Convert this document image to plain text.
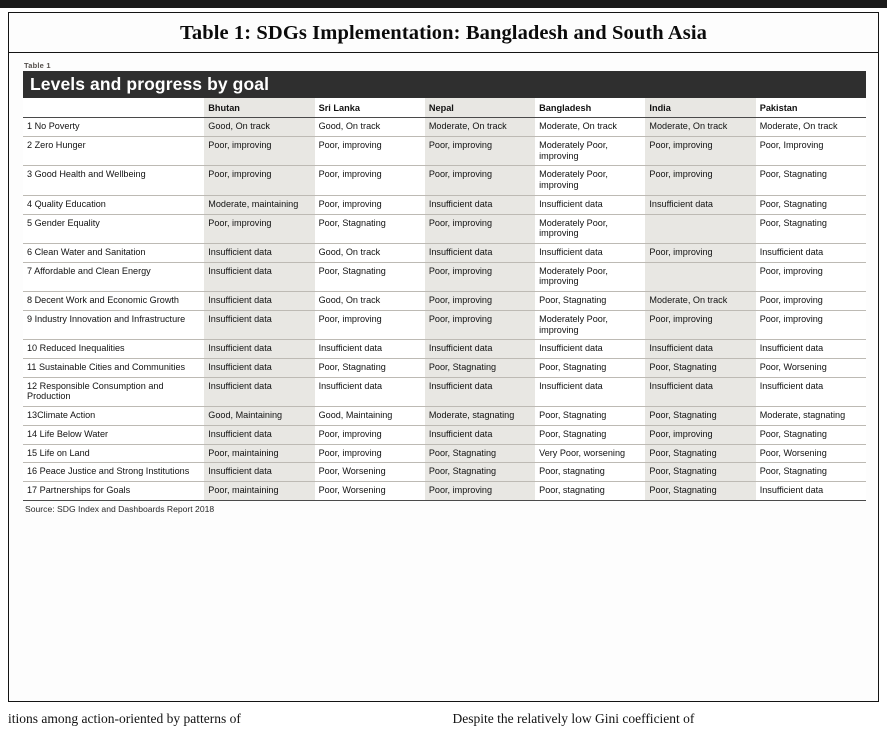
Table 1: SDGs Implementation: Bangladesh and South Asia
Table 1
Levels and progress by goal
	Bhutan	Sri Lanka	Nepal	Bangladesh	India	Pakistan
1 No Poverty	Good, On track	Good, On track	Moderate, On track	Moderate, On track	Moderate, On track	Moderate, On track
2 Zero Hunger	Poor, improving	Poor, improving	Poor, improving	Moderately Poor, improving	Poor, improving	Poor, Improving
3 Good Health and Wellbeing	Poor, improving	Poor, improving	Poor, improving	Moderately Poor, improving	Poor, improving	Poor, Stagnating
4 Quality Education	Moderate, maintaining	Poor, improving	Insufficient data	Insufficient data	Insufficient data	Poor, Stagnating
5 Gender Equality	Poor, improving	Poor, Stagnating	Poor, improving	Moderately Poor, improving		Poor, Stagnating
6 Clean Water and Sanitation	Insufficient data	Good, On track	Insufficient data	Insufficient data	Poor, improving	Insufficient data
7 Affordable and Clean Energy	Insufficient data	Poor, Stagnating	Poor, improving	Moderately Poor, improving		Poor, improving
8 Decent Work and Economic Growth	Insufficient data	Good, On track	Poor, improving	Poor, Stagnating	Moderate, On track	Poor, improving
9 Industry Innovation and Infrastructure	Insufficient data	Poor, improving	Poor, improving	Moderately Poor, improving	Poor, improving	Poor, improving
10 Reduced Inequalities	Insufficient data	Insufficient data	Insufficient data	Insufficient data	Insufficient data	Insufficient data
11 Sustainable Cities and Communities	Insufficient data	Poor, Stagnating	Poor, Stagnating	Poor, Stagnating	Poor, Stagnating	Poor, Worsening
12 Responsible Consumption and Production	Insufficient data	Insufficient data	Insufficient data	Insufficient data	Insufficient data	Insufficient data
13Climate Action	Good, Maintaining	Good, Maintaining	Moderate, stagnating	Poor, Stagnating	Poor, Stagnating	Moderate, stagnating
14 Life Below Water	Insufficient data	Poor, improving	Insufficient data	Poor, Stagnating	Poor, improving	Poor, Stagnating
15 Life on Land	Poor, maintaining	Poor, improving	Poor, Stagnating	Very Poor, worsening	Poor, Stagnating	Poor, Worsening
16 Peace Justice and Strong Institutions	Insufficient data	Poor, Worsening	Poor, Stagnating	Poor, stagnating	Poor, Stagnating	Poor, Stagnating
17 Partnerships for Goals	Poor, maintaining	Poor, Worsening	Poor, improving	Poor, stagnating	Poor, Stagnating	Insufficient data
Source: SDG Index and Dashboards Report 2018
itions among action-oriented by patterns of	Despite the relatively low Gini coefficient of
